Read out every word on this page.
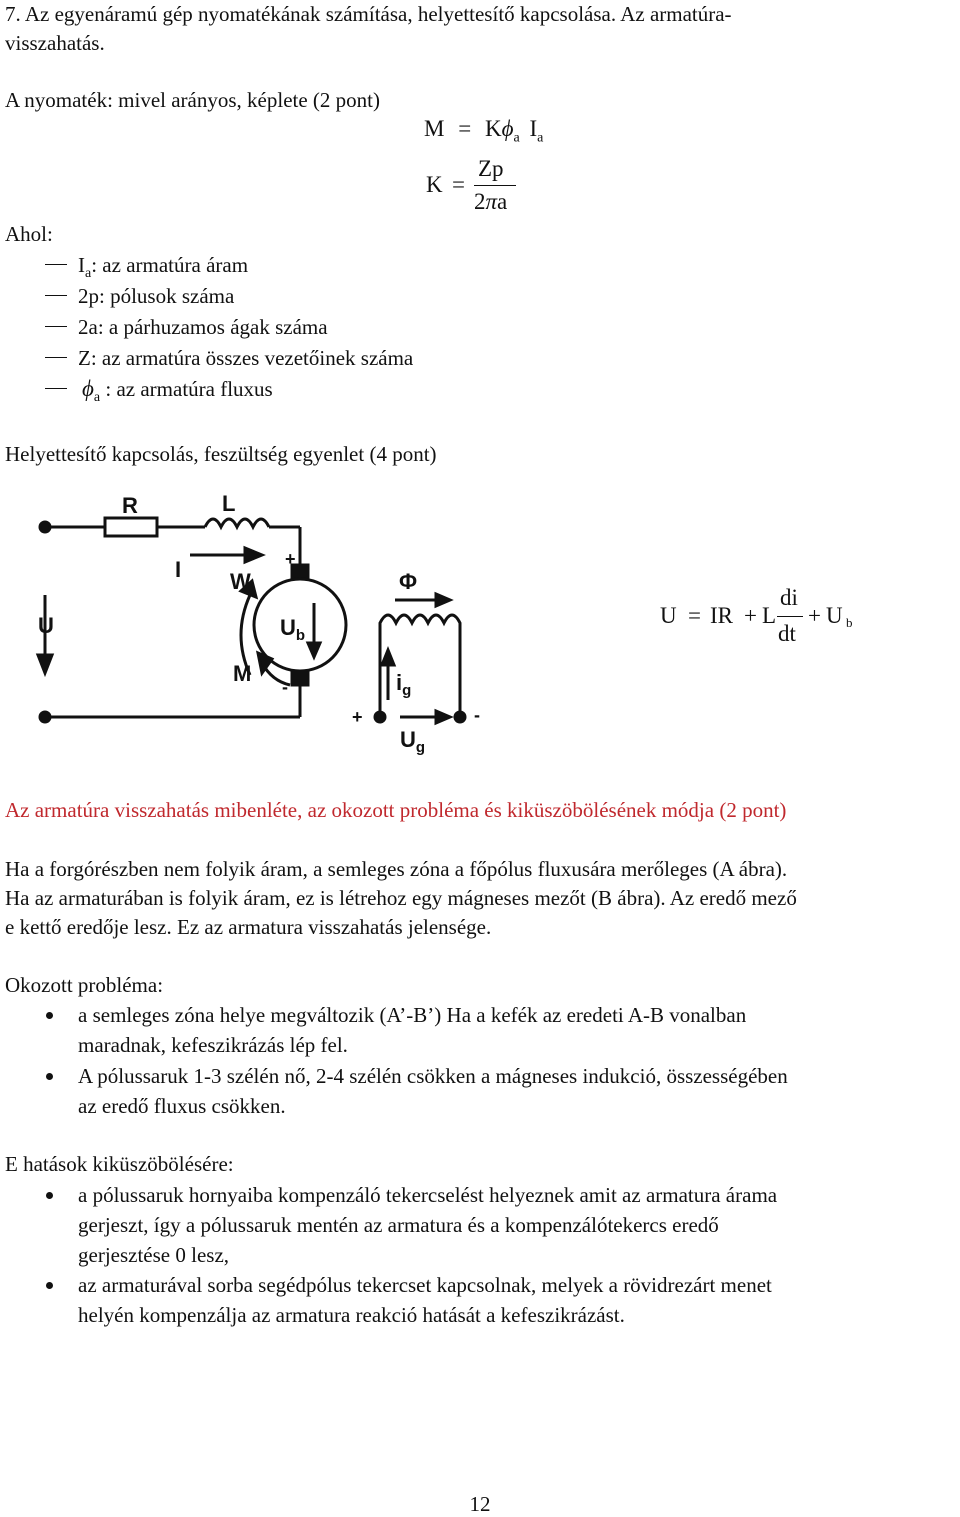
7. Az egyenáramú gép nyomatékának számítása, helyettesítő kapcsolása. Az armatúra-
visszahatás.
A nyomaték: mivel arányos, képlete (2 pont)
$M = K\phi_a$ $I_a$
K =
Zp
2πa
Ahol:
$I_a$: az armatúra áram
2p: pólusok száma
2a: a párhuzamos ágak száma
Z: az armatúra összes vezetőinek száma
$\phi_a$ : az armatúra fluxus
Helyettesítő kapcsolás, feszültség egyenlet (4 pont)
R	L
I
U
W
M
$U_b$
Φ
$i_g$
$U_g$
+
-
+	-
U = IR + L
di
dt
+ U b
Az armatúra visszahatás mibenléte, az okozott probléma és kiküszöbölésének módja (2 pont)
Ha a forgórészben nem folyik áram, a semleges zóna a főpólus fluxusára merőleges (A ábra).
Ha az armaturában is folyik áram, ez is létrehoz egy mágneses mezőt (B ábra). Az eredő mező
e kettő eredője lesz. Ez az armatura visszahatás jelensége.
Okozott probléma:
a semleges zóna helye megváltozik (A’-B’) Ha a kefék az eredeti A-B vonalban
maradnak, kefeszikrázás lép fel.
A pólussaruk 1-3 szélén nő, 2-4 szélén csökken a mágneses indukció, összességében
az eredő fluxus csökken.
E hatások kiküszöbölésére:
a pólussaruk hornyaiba kompenzáló tekercselést helyeznek amit az armatura árama
gerjeszt, így a pólussaruk mentén az armatura és a kompenzálótekercs eredő
gerjesztése 0 lesz,
az armaturával sorba segédpólus tekercset kapcsolnak, melyek a rövidrezárt menet
helyén kompenzálja az armatura reakció hatását a kefeszikrázást.
12
